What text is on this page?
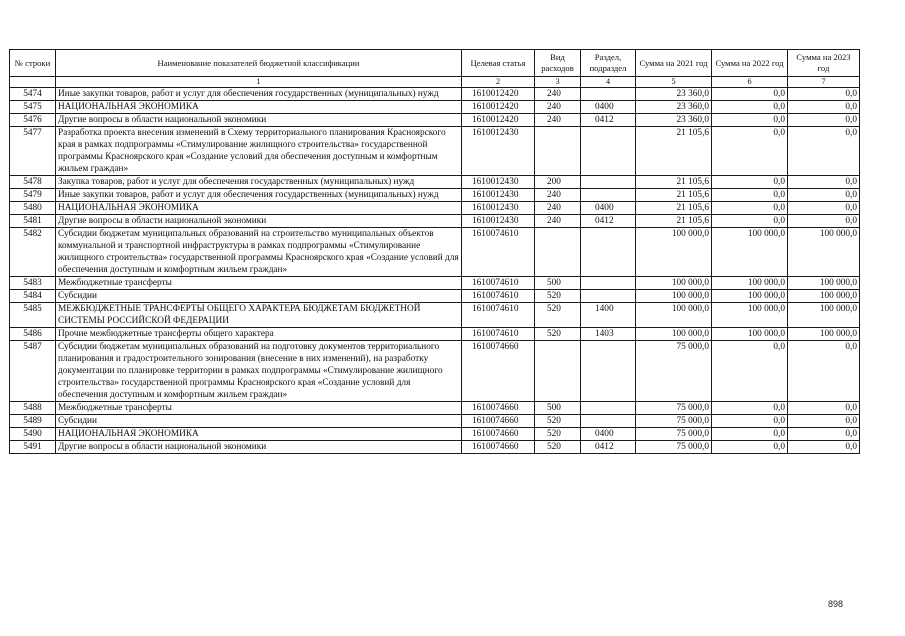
№ строки	Наименование показателей бюджетной классификации	Целевая статья	Вид расходов	Раздел, подраздел	Сумма на 2021 год	Сумма на 2022 год	Сумма на 2023 год
	1	2	3	4	5	6	7
5474	Иные закупки товаров, работ и услуг для обеспечения государственных (муниципальных) нужд	1610012420	240		23 360,0	0,0	0,0
5475	НАЦИОНАЛЬНАЯ ЭКОНОМИКА	1610012420	240	0400	23 360,0	0,0	0,0
5476	Другие вопросы в области национальной экономики	1610012420	240	0412	23 360,0	0,0	0,0
5477	Разработка проекта внесения изменений в Схему территориального планирования Красноярского края в рамках подпрограммы «Стимулирование жилищного строительства» государственной программы Красноярского края «Создание условий для обеспечения доступным и комфортным жильем граждан»	1610012430			21 105,6	0,0	0,0
5478	Закупка товаров, работ и услуг для обеспечения государственных (муниципальных) нужд	1610012430	200		21 105,6	0,0	0,0
5479	Иные закупки товаров, работ и услуг для обеспечения государственных (муниципальных) нужд	1610012430	240		21 105,6	0,0	0,0
5480	НАЦИОНАЛЬНАЯ ЭКОНОМИКА	1610012430	240	0400	21 105,6	0,0	0,0
5481	Другие вопросы в области национальной экономики	1610012430	240	0412	21 105,6	0,0	0,0
5482	Субсидии бюджетам муниципальных образований на строительство муниципальных объектов коммунальной и транспортной инфраструктуры в рамках подпрограммы «Стимулирование жилищного строительства» государственной программы Красноярского края «Создание условий для обеспечения доступным и комфортным жильем граждан»	1610074610			100 000,0	100 000,0	100 000,0
5483	Межбюджетные трансферты	1610074610	500		100 000,0	100 000,0	100 000,0
5484	Субсидии	1610074610	520		100 000,0	100 000,0	100 000,0
5485	МЕЖБЮДЖЕТНЫЕ ТРАНСФЕРТЫ ОБЩЕГО ХАРАКТЕРА БЮДЖЕТАМ БЮДЖЕТНОЙ СИСТЕМЫ РОССИЙСКОЙ ФЕДЕРАЦИИ	1610074610	520	1400	100 000,0	100 000,0	100 000,0
5486	Прочие межбюджетные трансферты общего характера	1610074610	520	1403	100 000,0	100 000,0	100 000,0
5487	Субсидии бюджетам муниципальных образований на подготовку документов территориального планирования и градостроительного зонирования (внесение в них изменений), на разработку документации по планировке территории в рамках подпрограммы «Стимулирование жилищного строительства» государственной программы Красноярского края «Создание условий для обеспечения доступным и комфортным жильем граждан»	1610074660			75 000,0	0,0	0,0
5488	Межбюджетные трансферты	1610074660	500		75 000,0	0,0	0,0
5489	Субсидии	1610074660	520		75 000,0	0,0	0,0
5490	НАЦИОНАЛЬНАЯ ЭКОНОМИКА	1610074660	520	0400	75 000,0	0,0	0,0
5491	Другие вопросы в области национальной экономики	1610074660	520	0412	75 000,0	0,0	0,0
898
